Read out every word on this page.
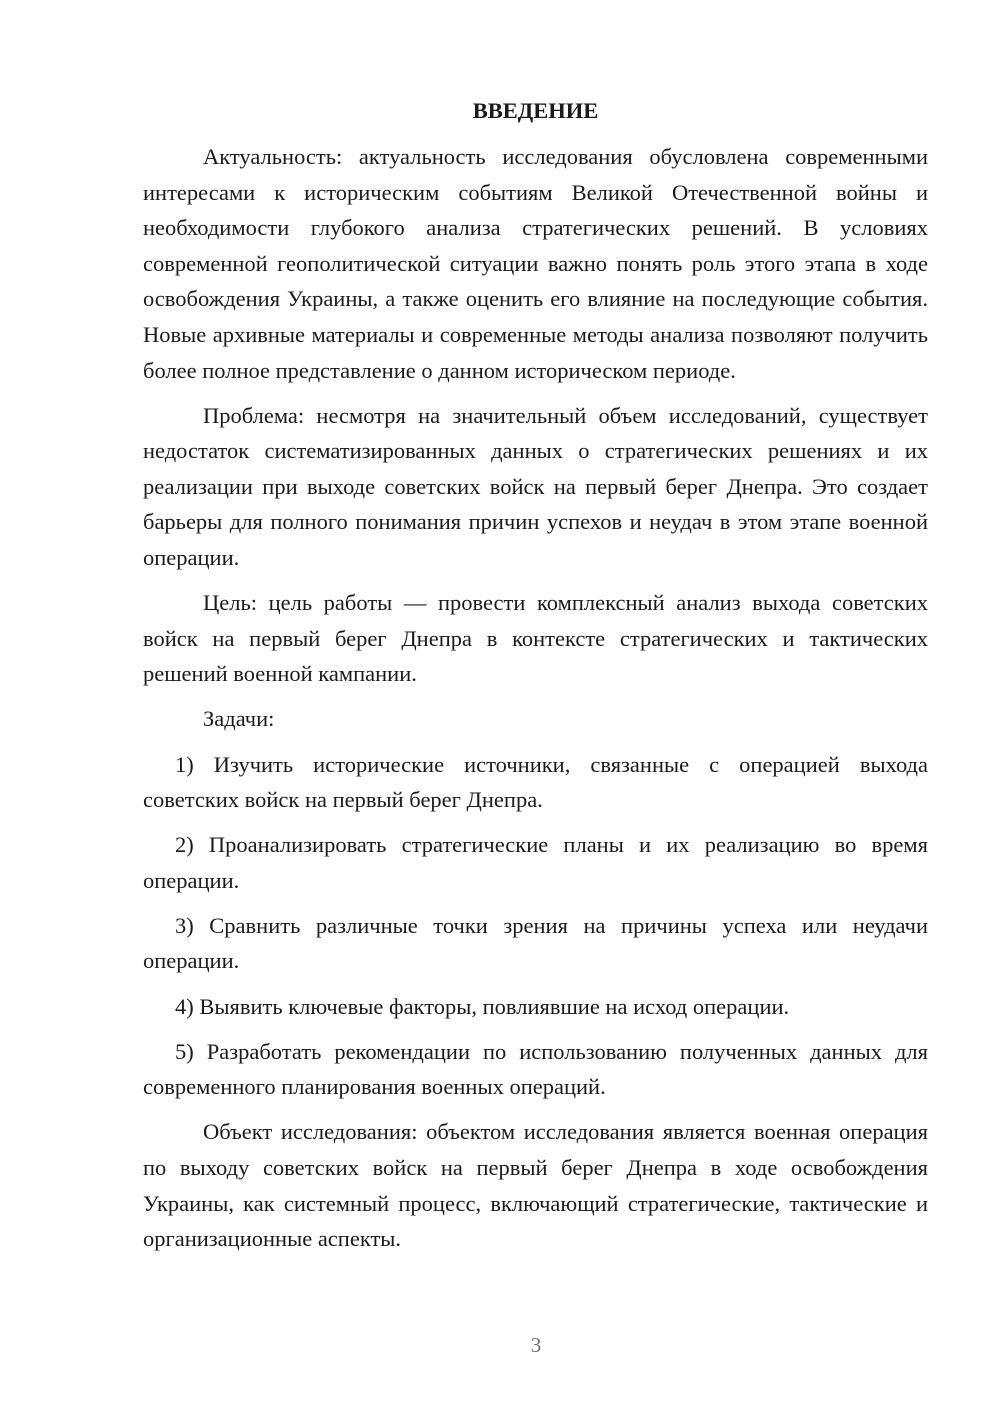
ВВЕДЕНИЕ

Актуальность: актуальность исследования обусловлена современными интересами к историческим событиям Великой Отечественной войны и необходимости глубокого анализа стратегических решений. В условиях современной геополитической ситуации важно понять роль этого этапа в ходе освобождения Украины, а также оценить его влияние на последующие события. Новые архивные материалы и современные методы анализа позволяют получить более полное представление о данном историческом периоде.

Проблема: несмотря на значительный объем исследований, существует недостаток систематизированных данных о стратегических решениях и их реализации при выходе советских войск на первый берег Днепра. Это создает барьеры для полного понимания причин успехов и неудач в этом этапе военной операции.

Цель: цель работы — провести комплексный анализ выхода советских войск на первый берег Днепра в контексте стратегических и тактических решений военной кампании.

Задачи:

1) Изучить исторические источники, связанные с операцией выхода советских войск на первый берег Днепра.

2) Проанализировать стратегические планы и их реализацию во время операции.

3) Сравнить различные точки зрения на причины успеха или неудачи операции.

4) Выявить ключевые факторы, повлиявшие на исход операции.

5) Разработать рекомендации по использованию полученных данных для современного планирования военных операций.

Объект исследования: объектом исследования является военная операция по выходу советских войск на первый берег Днепра в ходе освобождения Украины, как системный процесс, включающий стратегические, тактические и организационные аспекты.

3
